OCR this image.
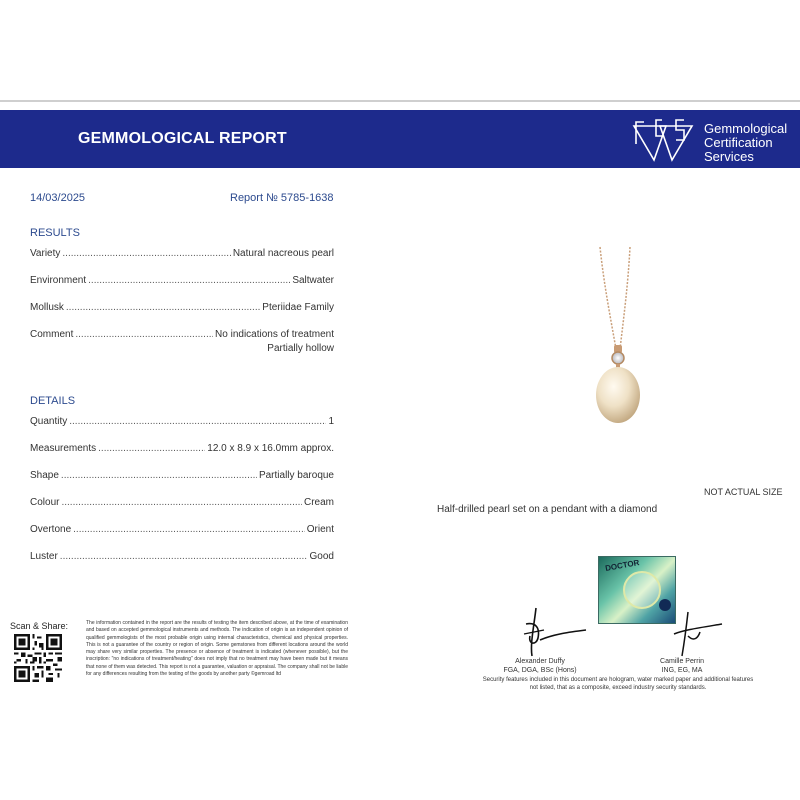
GEMMOLOGICAL REPORT
Gemmological
Certification
Services
14/03/2025	Report № 5785-1638
RESULTS
Variety .....	Natural nacreous pearl
Environment .....	Saltwater
Mollusk .....	Pteriidae Family
Comment .....	No indications of treatment
Partially hollow
DETAILS
Quantity .....	1
Measurements .....	12.0 x 8.9 x 16.0mm approx.
Shape .....	Partially baroque
Colour .....	Cream
Overtone .....	Orient
Luster .....	Good
NOT ACTUAL SIZE
Half-drilled pearl set on a pendant with a diamond
DOCTOR
Scan & Share:	The information contained in the report are the results of testing the item described above, at the time of examination and based on accepted gemmological instruments and methods. The indication of origin is an independent opinion of qualified gemmologists of the most probable origin using internal characteristics, chemical and physical properties. This is not a guarantee of the country or region of origin. Some gemstones from different locations around the world may share very similar properties. The presence or absence of treatment is indicated (whenever possible), but the inscription: "no indications of treatment/heating" does not imply that no treatment may have been made but it means that none of them was detected. This report is not a guarantee, valuation or appraisal. The company shall not be liable for any differences resulting from the testing of the goods by another party ©gemroad ltd
Alexander Duffy
FGA, DGA, BSc (Hons)
Camille Perrin
ING, EG, MA
Security features included in this document are hologram, water marked paper and additional features not listed, that as a composite, exceed industry security standards.
